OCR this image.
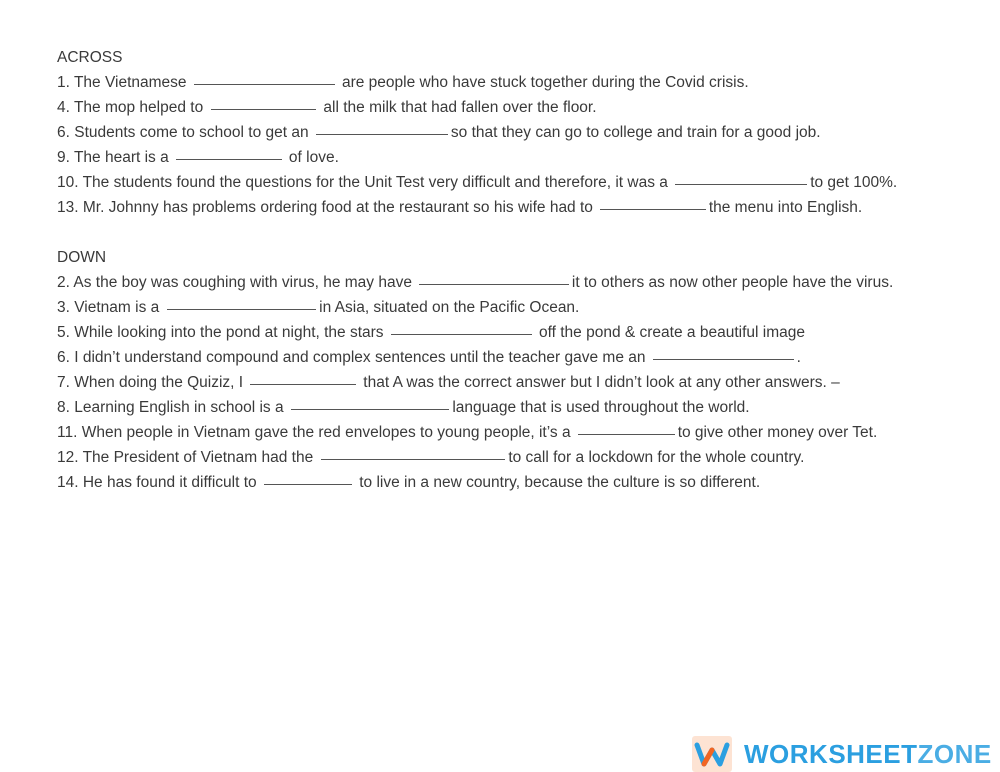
ACROSS
1. The Vietnamese	are people who have stuck together during the Covid crisis.
4. The mop helped to	all the milk that had fallen over the floor.
6. Students come to school to get an	so that they can go to college and train for a good job.
9. The heart is a	of love.
10. The students found the questions for the Unit Test very difficult and therefore, it was a	to get 100%.
13. Mr. Johnny has problems ordering food at the restaurant so his wife had to	the menu into English.
DOWN
2. As the boy was coughing with virus, he may have	it to others as now other people have the virus.
3. Vietnam is a	in Asia, situated on the Pacific Ocean.
5. While looking into the pond at night, the stars	off the pond & create a beautiful image
6. I didn’t understand compound and complex sentences until the teacher gave me an	.
7. When doing the Quiziz, I	that A was the correct answer but I didn’t look at any other answers. –
8. Learning English in school is a	language that is used throughout the world.
11. When people in Vietnam gave the red envelopes to young people, it’s a	to give other money over Tet.
12. The President of Vietnam had the	to call for a lockdown for the whole country.
14. He has found it difficult to	to live in a new country, because the culture is so different.
WORKSHEETZONE
